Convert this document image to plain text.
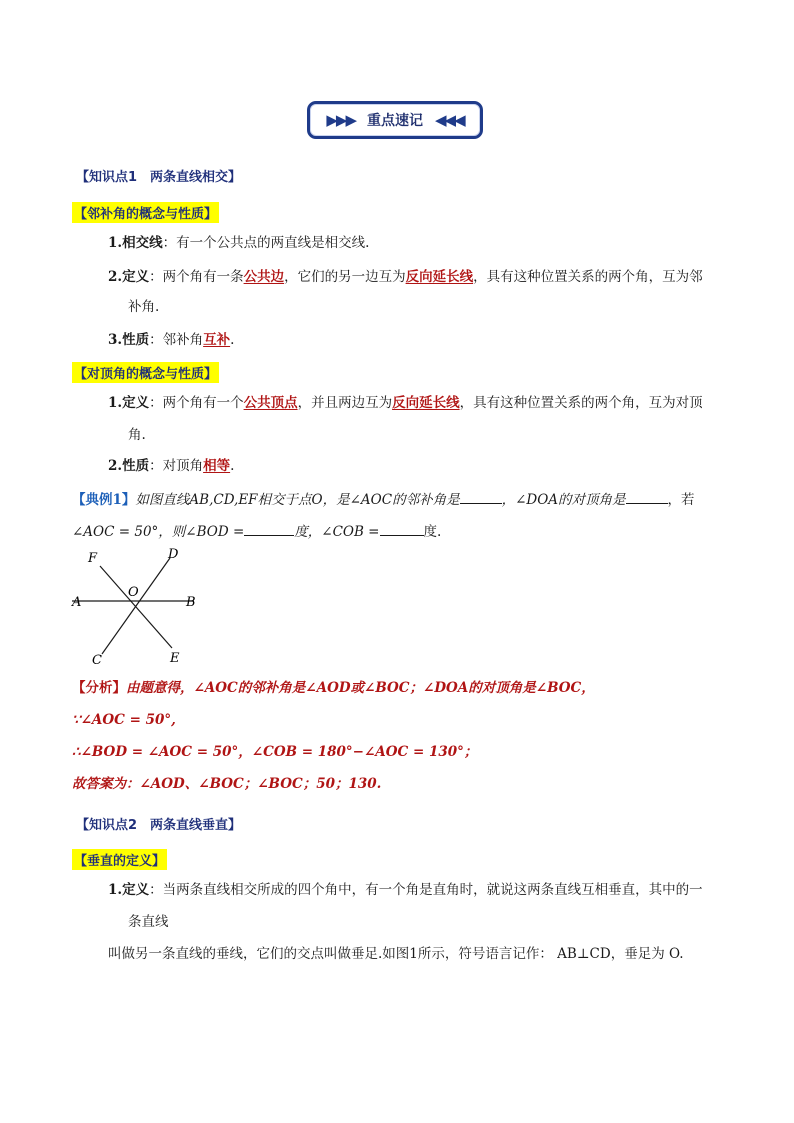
▶▶▶ 重点速记 ◀◀◀
【知识点1　两条直线相交】
【邻补角的概念与性质】
1.相交线：有一个公共点的两直线是相交线.
2.定义：两个角有一条公共边，它们的另一边互为反向延长线，具有这种位置关系的两个角，互为邻
补角.
3.性质：邻补角互补.
【对顶角的概念与性质】
1.定义：两个角有一个公共顶点，并且两边互为反向延长线，具有这种位置关系的两个角，互为对顶
角.
2.性质：对顶角相等.
【典例1】如图直线AB,CD,EF相交于点O，是∠AOC的邻补角是	，∠DOA的对顶角是	，若
∠AOC = 50°，则∠BOD =	度，∠COB =	度.
A	B
C
D
E
F
O
【分析】由题意得，∠AOC的邻补角是∠AOD或∠BOC；∠DOA的对顶角是∠BOC，
∵∠AOC = 50°,
∴∠BOD = ∠AOC = 50°，∠COB = 180°−∠AOC = 130°；
故答案为：∠AOD、∠BOC；∠BOC；50；130.
【知识点2　两条直线垂直】
【垂直的定义】
1.定义：当两条直线相交所成的四个角中，有一个角是直角时，就说这两条直线互相垂直，其中的一
条直线
叫做另一条直线的垂线，它们的交点叫做垂足.如图1所示，符号语言记作： AB⊥CD，垂足为 O.
